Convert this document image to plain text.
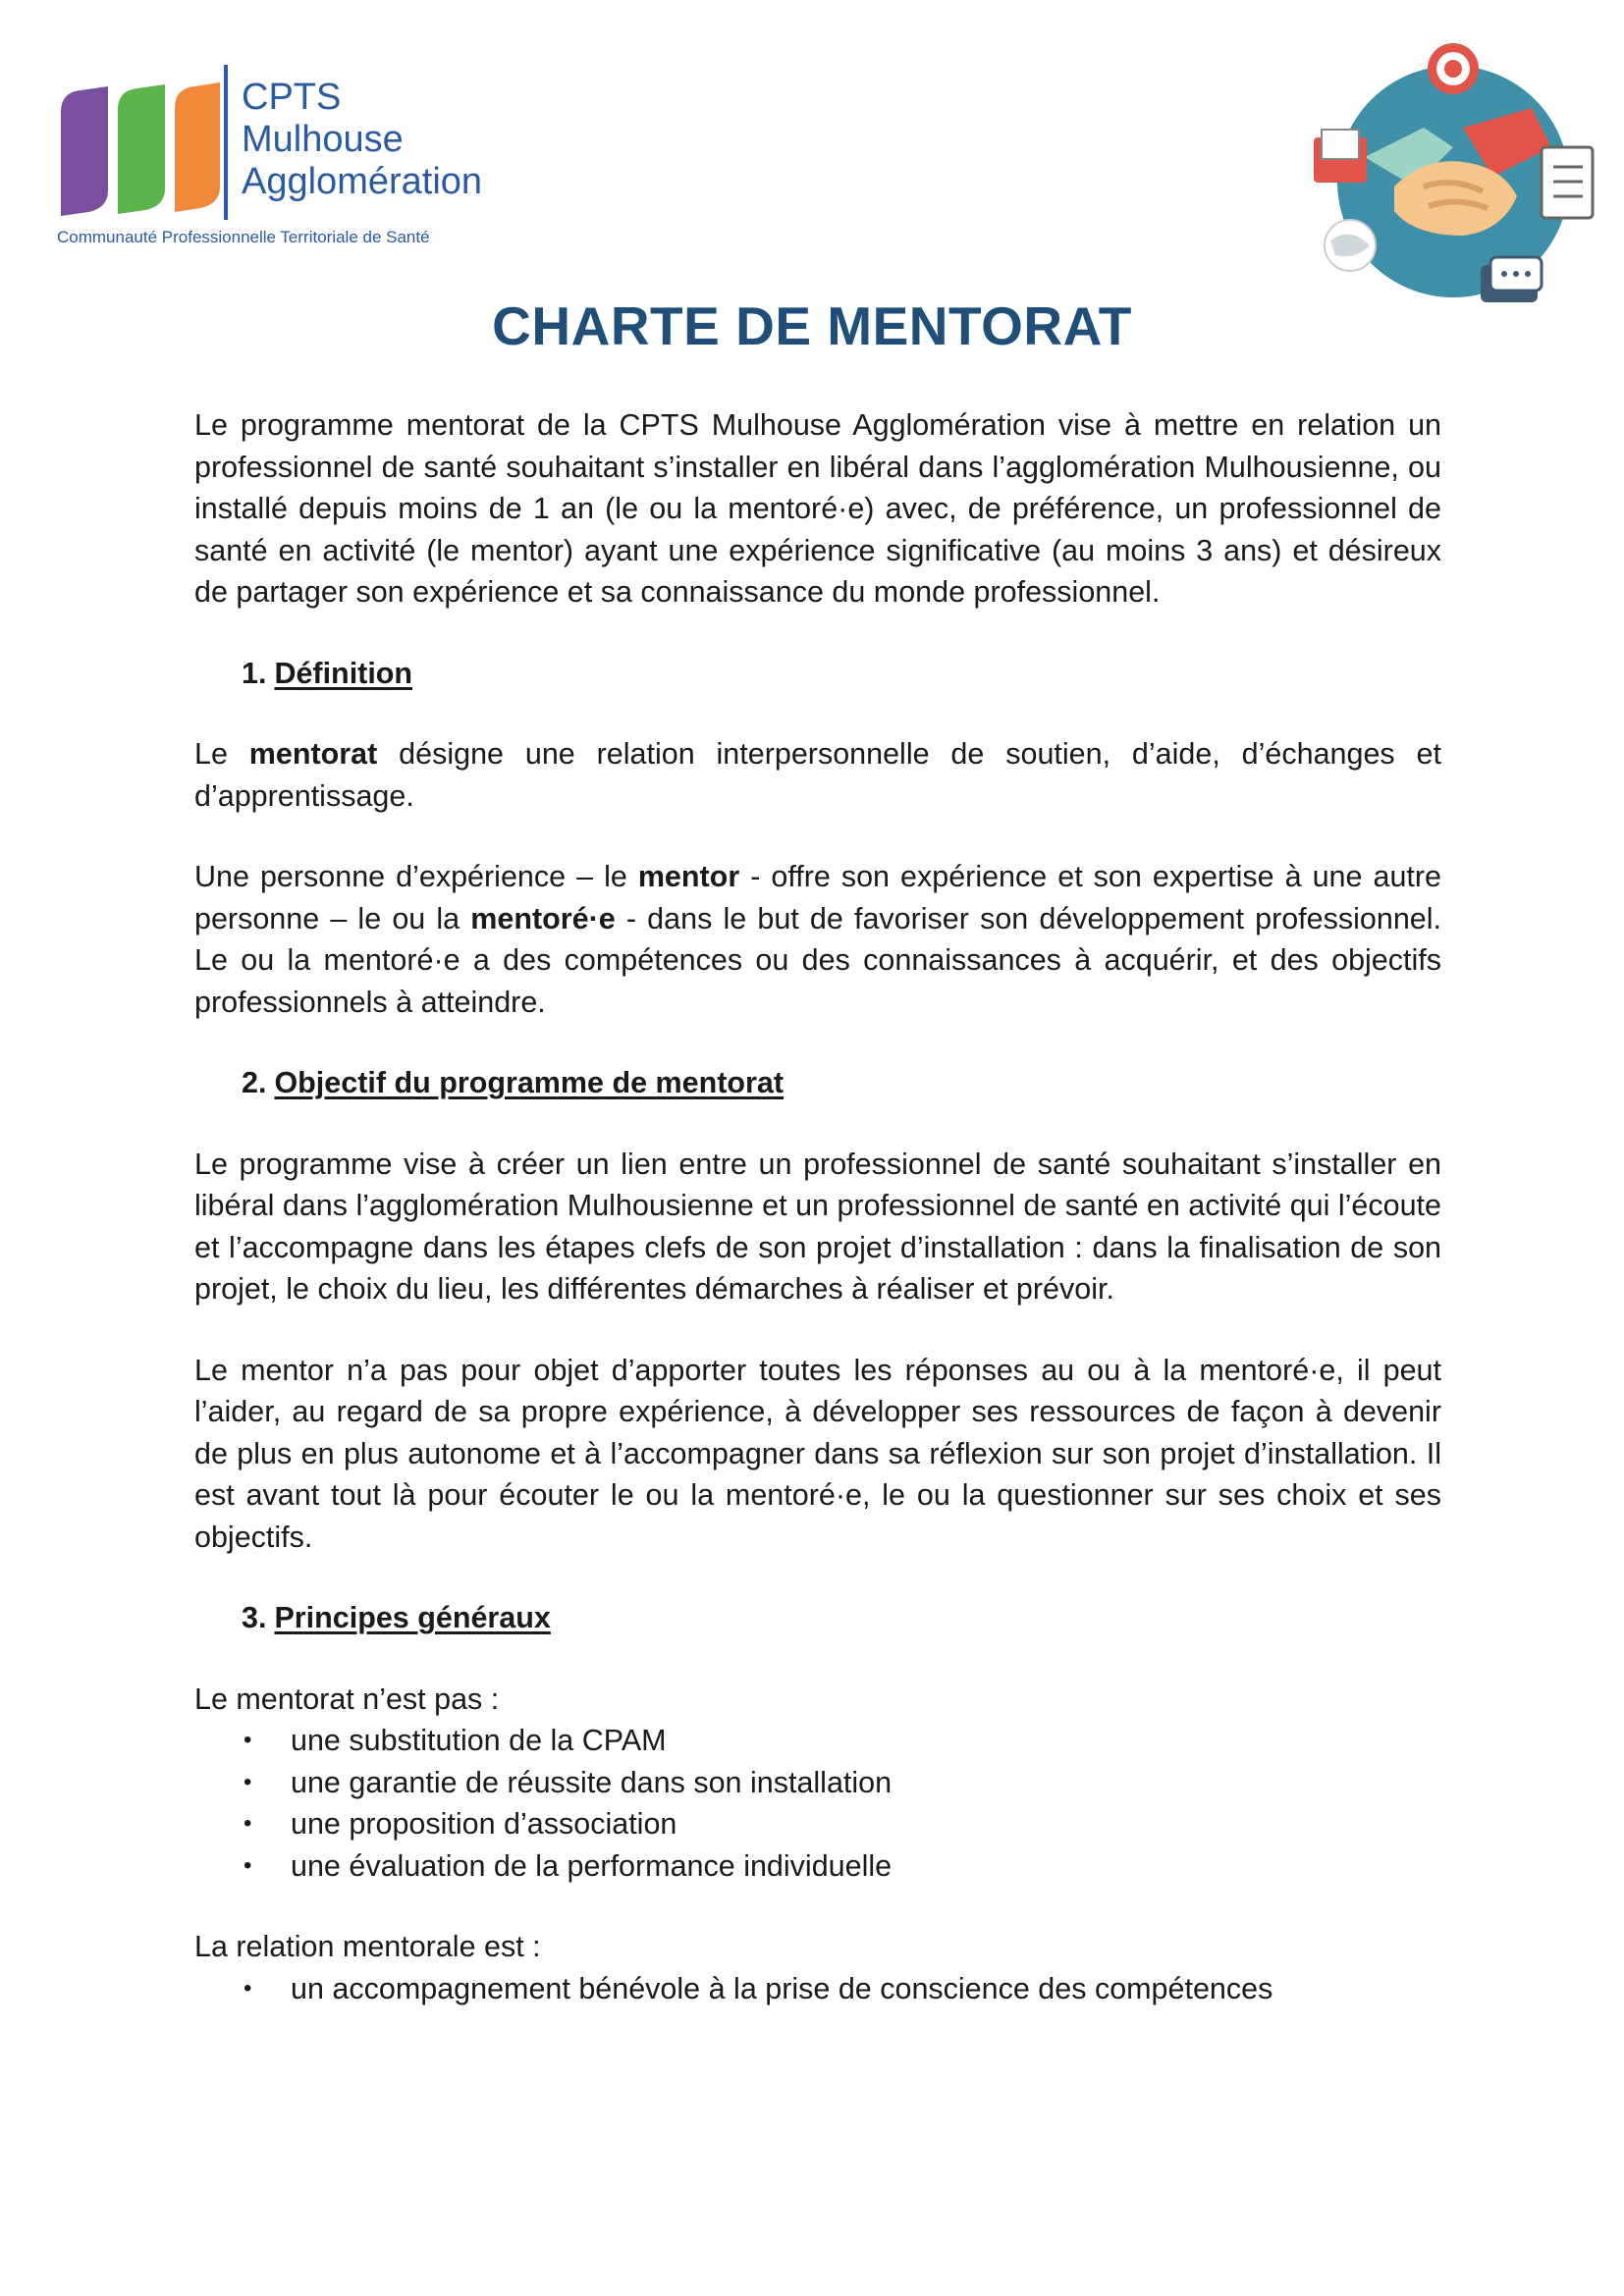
CPTS
Mulhouse
Agglomération
Communauté Professionnelle Territoriale de Santé
CHARTE DE MENTORAT

Le programme mentorat de la CPTS Mulhouse Agglomération vise à mettre en relation un professionnel de santé souhaitant s’installer en libéral dans l’agglomération Mulhousienne, ou installé depuis moins de 1 an (le ou la mentoré·e) avec, de préférence, un professionnel de santé en activité (le mentor) ayant une expérience significative (au moins 3 ans) et désireux de partager son expérience et sa connaissance du monde professionnel.

1. Définition

Le mentorat désigne une relation interpersonnelle de soutien, d’aide, d’échanges et d’apprentissage.

Une personne d’expérience – le mentor - offre son expérience et son expertise à une autre personne – le ou la mentoré·e - dans le but de favoriser son développement professionnel. Le ou la mentoré·e a des compétences ou des connaissances à acquérir, et des objectifs professionnels à atteindre.

2. Objectif du programme de mentorat

Le programme vise à créer un lien entre un professionnel de santé souhaitant s’installer en libéral dans l’agglomération Mulhousienne et un professionnel de santé en activité qui l’écoute et l’accompagne dans les étapes clefs de son projet d’installation : dans la finalisation de son projet, le choix du lieu, les différentes démarches à réaliser et prévoir.

Le mentor n’a pas pour objet d’apporter toutes les réponses au ou à la mentoré·e, il peut l’aider, au regard de sa propre expérience, à développer ses ressources de façon à devenir de plus en plus autonome et à l’accompagner dans sa réflexion sur son projet d’installation. Il est avant tout là pour écouter le ou la mentoré·e, le ou la questionner sur ses choix et ses objectifs.

3. Principes généraux

Le mentorat n’est pas :

• une substitution de la CPAM
• une garantie de réussite dans son installation
• une proposition d’association
• une évaluation de la performance individuelle

La relation mentorale est :

• un accompagnement bénévole à la prise de conscience des compétences
